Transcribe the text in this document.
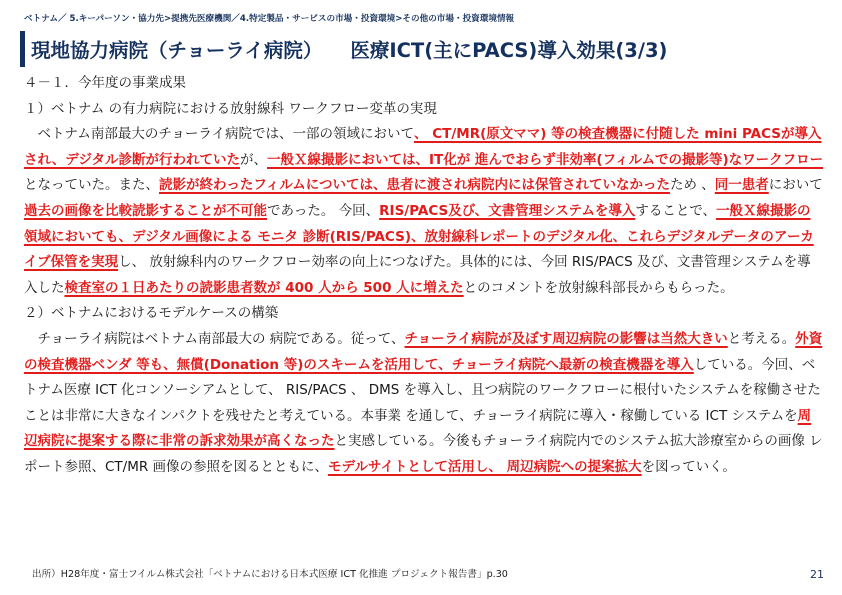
ベトナム／ 5.キーパーソン・協力先>提携先医療機関／4.特定製品・サービスの市場・投資環境>その他の市場・投資環境情報
現地協力病院（チョーライ病院） 医療ICT(主にPACS)導入効果(3/3)

４－１．今年度の事業成果

１）ベトナム の有力病院における放射線科 ワークフロー変革の実現

　ベトナム南部最大のチョーライ病院では、一部の領域において、 CT/MR(原文ママ) 等の検査機器に付随した mini PACSが導入され、デジタル診断が行われていたが、一般Ｘ線撮影においては、IT化が 進んでおらず非効率(フィルムでの撮影等)なワークフローとなっていた。また、読影が終わったフィルムについては、患者に渡され病院内には保管されていなかったため 、同一患者において過去の画像を比較読影することが不可能であった。 今回、RIS/PACS及び、文書管理システムを導入することで、一般Ｘ線撮影の領域においても、デジタル画像による モニタ 診断(RIS/PACS)、放射線科レポートのデジタル化、これらデジタルデータのアーカイブ保管を実現し、 放射線科内のワークフロー効率の向上につなげた。具体的には、今回 RIS/PACS 及び、文書管理システムを導入した検査室の１日あたりの読影患者数が 400 人から 500 人に増えたとのコメントを放射線科部長からもらった。

２）ベトナムにおけるモデルケースの構築

　チョーライ病院はベトナム南部最大の 病院である。従って、チョーライ病院が及ぼす周辺病院の影響は当然大きいと考える。外資の検査機器ベンダ 等も、無償(Donation 等)のスキームを活用して、チョーライ病院へ最新の検査機器を導入している。今回、ベトナム医療 ICT 化コンソーシアムとして、 RIS/PACS 、 DMS を導入し、且つ病院のワークフローに根付いたシステムを稼働させたことは非常に大きなインパクトを残せたと考えている。本事業 を通して、チョーライ病院に導入・稼働している ICT システムを周辺病院に提案する際に非常の訴求効果が高くなったと実感している。今後もチョーライ病院内でのシステム拡大診療室からの画像 レポート参照、CT/MR 画像の参照を図るとともに、モデルサイトとして活用し、 周辺病院への提案拡大を図っていく。

出所）H28年度・富士フイルム株式会社「ベトナムにおける日本式医療 ICT 化推進 プロジェクト報告書」p.30	21
